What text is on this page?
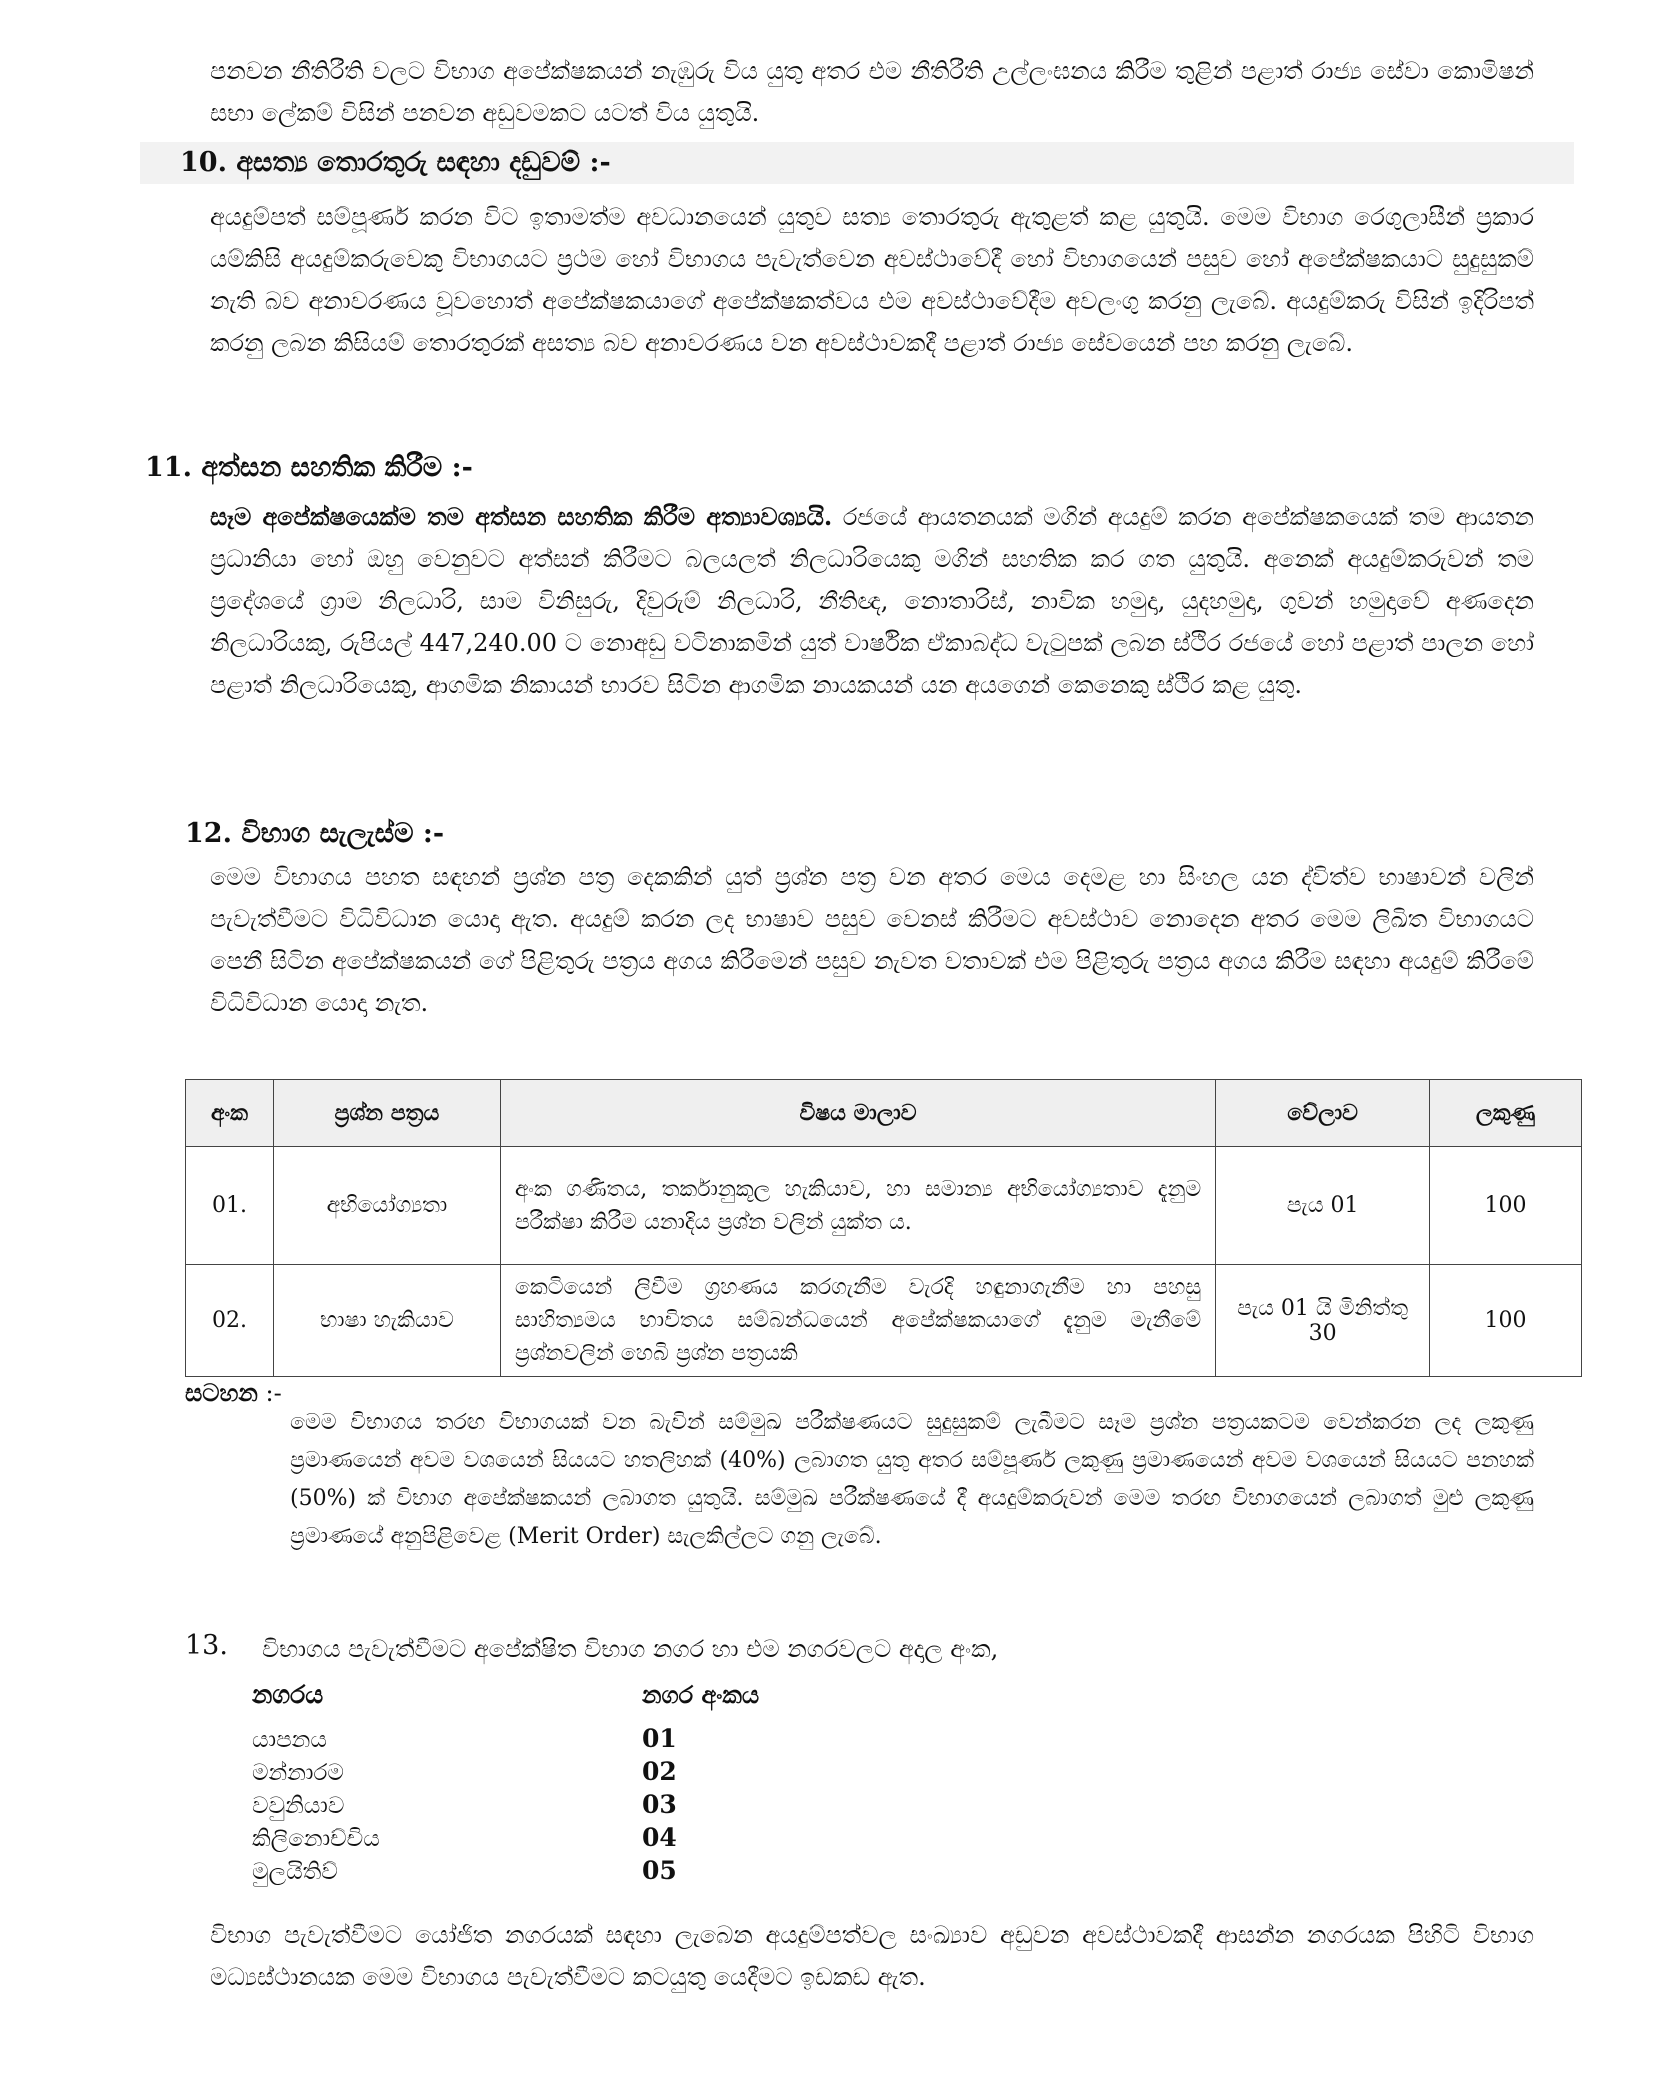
පනවන නීතිරීති වලට විභාග අපේක්ෂකයන් නැඹුරු විය යුතු අතර එම නීතිරීති උල්ලංඝනය කිරීම තුළින් පළාත් රාජ්‍ය සේවා කොමිෂන් සභා ලේකම් විසින් පනවන අඩුවමකට යටත් විය යුතුයි.

10. අසත්‍ය තොරතුරු සඳහා දඩුවම් :-

අයදුම්පත් සම්පූර්ණ කරන විට ඉතාමත්ම අවධානයෙන් යුතුව සත්‍ය තොරතුරු ඇතුළත් කළ යුතුයි. මෙම විභාග රෙගුලාසීන් ප්‍රකාර යම්කිසි අයදුම්කරුවෙකු විභාගයට ප්‍රථම හෝ විභාගය පැවැත්වෙන අවස්ථාවේදී හෝ විභාගයෙන් පසුව හෝ අපේක්ෂකයාට සුදුසුකම් නැති බව අනාවරණය වූවහොත් අපේක්ෂකයාගේ අපේක්ෂකත්වය එම අවස්ථාවේදීම අවලංගු කරනු ලැබේ. අයදුම්කරු විසින් ඉදිරිපත් කරනු ලබන කිසියම් තොරතුරක් අසත්‍ය බව අනාවරණය වන අවස්ථාවකදී පළාත් රාජ්‍ය සේවයෙන් පහ කරනු ලැබේ.

11. අත්සන සහතික කිරීම :-

සෑම අපේක්ෂයෙක්ම තම අත්සන සහතික කිරීම අත්‍යාවශ්‍යයි. රජයේ ආයතනයක් මගින් අයදුම් කරන අපේක්ෂකයෙක් තම ආයතන ප්‍රධානියා හෝ ඔහු වෙනුවට අත්සන් කිරීමට බලයලත් නිලධාරියෙකු මගින් සහතික කර ගත යුතුයි. අනෙක් අයදුම්කරුවන් තම ප්‍රදේශයේ ග්‍රාම නිලධාරි, සාම විනිසුරු, දිවුරුම් නිලධාරි, නීතිඥ, නොතාරිස්, නාවික හමුදා, යුදහමුදා, ගුවන් හමුදාවේ අණදෙන නිලධාරියකු, රුපියල් 447,240.00 ට නොඅඩු වටිනාකමින් යුත් වාර්ෂික ඒකාබද්ධ වැටුපක් ලබන ස්ථිර රජයේ හෝ පළාත් පාලන හෝ පළාත් නිලධාරියෙකු, ආගමික නිකායන් භාරව සිටින ආගමික නායකයන් යන අයගෙන් කෙනෙකු ස්ථිර කළ යුතු.

12. විභාග සැලැස්ම :-

මෙම විභාගය පහත සඳහන් ප්‍රශ්න පත්‍ර දෙකකින් යුත් ප්‍රශ්න පත්‍ර වන අතර මෙය දෙමළ හා සිංහල යන ද්විත්ව භාෂාවන් වලින් පැවැත්වීමට විධිවිධාන යොදා ඇත. අයදුම් කරන ලද භාෂාව පසුව වෙනස් කිරීමට අවස්ථාව නොදෙන අතර මෙම ලිඛිත විභාගයට පෙනී සිටින අපේක්ෂකයන් ගේ පිළිතුරු පත්‍රය අගය කිරීමෙන් පසුව නැවත වතාවක් එම පිළිතුරු පත්‍රය අගය කිරීම සඳහා අයදුම් කිරීමේ විධිවිධාන යොදා නැත.

අංක	ප්‍රශ්න පත්‍රය	විෂය මාලාව	වේලාව	ලකුණු
01.	අභියෝග්‍යතා	අංක ගණිතය, තර්කානුකූල හැකියාව, හා සමාන්‍ය අභියෝග්‍යතාව දැනුම පරීක්ෂා කිරීම යනාදිය ප්‍රශ්න වලින් යුක්ත ය.	පැය 01	100
02.	භාෂා හැකියාව	කෙටියෙන් ලිවීම ග්‍රහණය කරගැනීම වැරදි හඳුනාගැනීම හා පහසු සාහිත්‍යමය භාවිතය සම්බන්ධයෙන් අපේක්ෂකයාගේ දැනුම මැනීමේ ප්‍රශ්නවලින් හෙබි ප්‍රශ්න පත්‍රයකි	පැය 01 යි මිනිත්තු 30	100
සටහන :-

මෙම විභාගය තරඟ විභාගයක් වන බැවින් සම්මුඛ පරීක්ෂණයට සුදුසුකම් ලැබීමට සෑම ප්‍රශ්න පත්‍රයකටම වෙන්කරන ලද ලකුණු ප්‍රමාණයෙන් අවම වශයෙන් සියයට හතලිහක් (40%) ලබාගත යුතු අතර සම්පූර්ණ ලකුණු ප්‍රමාණයෙන් අවම වශයෙන් සියයට පනහක් (50%) ක් විභාග අපේක්ෂකයන් ලබාගත යුතුයි. සම්මුඛ පරීක්ෂණයේ දී අයදුම්කරුවන් මෙම තරඟ විභාගයෙන් ලබාගත් මුළු ලකුණු ප්‍රමාණයේ අනුපිළිවෙළ (Merit Order) සැලකිල්ලට ගනු ලැබේ.

13. විභාගය පැවැත්වීමට අපේක්ෂිත විභාග නගර හා එම නගරවලට අදාල අංක,
නගරය	නගර අංකය
යාපනය	01
මන්නාරම	02
වවුනියාව	03
කිලිනොච්චිය	04
මුලයිතිව්	05

විභාග පැවැත්වීමට යෝජිත නගරයක් සඳහා ලැබෙන අයදුම්පත්වල සංඛ්‍යාව අඩුවන අවස්ථාවකදී ආසන්න නගරයක පිහිටි විභාග මධ්‍යස්ථානයක මෙම විභාගය පැවැත්වීමට කටයුතු යෙදීමට ඉඩකඩ ඇත.
